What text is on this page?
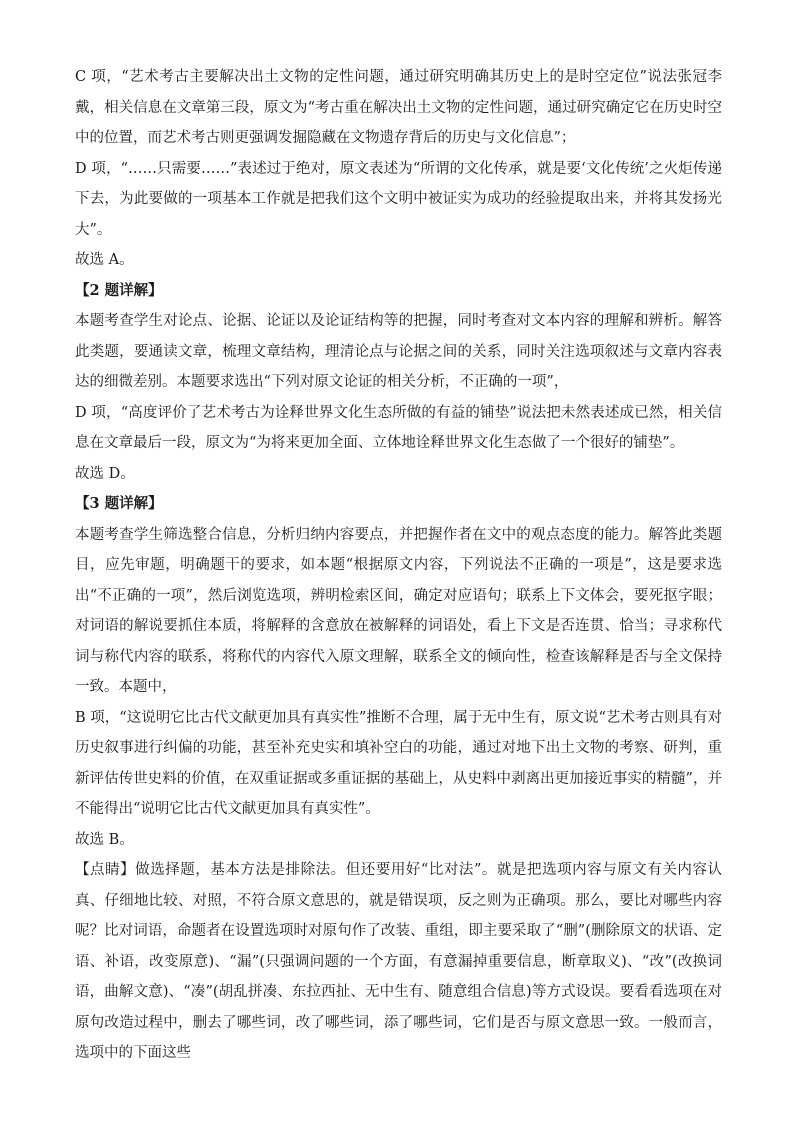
C 项，“艺术考古主要解决出土文物的定性问题，通过研究明确其历史上的是时空定位”说法张冠李戴，相关信息在文章第三段，原文为“考古重在解决出土文物的定性问题，通过研究确定它在历史时空中的位置，而艺术考古则更强调发掘隐藏在文物遗存背后的历史与文化信息”；

D 项，“……只需要……”表述过于绝对，原文表述为“所谓的文化传承，就是要‘文化传统’之火炬传递下去，为此要做的一项基本工作就是把我们这个文明中被证实为成功的经验提取出来，并将其发扬光大”。

故选 A。

【2 题详解】

本题考查学生对论点、论据、论证以及论证结构等的把握，同时考查对文本内容的理解和辨析。解答此类题，要通读文章，梳理文章结构，理清论点与论据之间的关系，同时关注选项叙述与文章内容表达的细微差别。本题要求选出“下列对原文论证的相关分析，不正确的一项”，

D 项，“高度评价了艺术考古为诠释世界文化生态所做的有益的铺垫”说法把未然表述成已然，相关信息在文章最后一段，原文为“为将来更加全面、立体地诠释世界文化生态做了一个很好的铺垫”。

故选 D。

【3 题详解】

本题考查学生筛选整合信息，分析归纳内容要点，并把握作者在文中的观点态度的能力。解答此类题目，应先审题，明确题干的要求，如本题“根据原文内容，下列说法不正确的一项是”，这是要求选出“不正确的一项”，然后浏览选项，辨明检索区间，确定对应语句；联系上下文体会，要死抠字眼；对词语的解说要抓住本质，将解释的含意放在被解释的词语处，看上下文是否连贯、恰当；寻求称代词与称代内容的联系，将称代的内容代入原文理解，联系全文的倾向性，检查该解释是否与全文保持一致。本题中，

B 项，“这说明它比古代文献更加具有真实性”推断不合理，属于无中生有，原文说“艺术考古则具有对历史叙事进行纠偏的功能，甚至补充史实和填补空白的功能，通过对地下出土文物的考察、研判，重新评估传世史料的价值，在双重证据或多重证据的基础上，从史料中剥离出更加接近事实的精髓”，并不能得出“说明它比古代文献更加具有真实性”。

故选 B。

【点睛】做选择题，基本方法是排除法。但还要用好“比对法”。就是把选项内容与原文有关内容认真、仔细地比较、对照，不符合原文意思的，就是错误项，反之则为正确项。那么，要比对哪些内容呢？比对词语，命题者在设置选项时对原句作了改装、重组，即主要采取了“删”(删除原文的状语、定语、补语，改变原意)、“漏”(只强调问题的一个方面，有意漏掉重要信息，断章取义)、“改”(改换词语，曲解文意)、“凑”(胡乱拼凑、东拉西扯、无中生有、随意组合信息)等方式设误。要看看选项在对原句改造过程中，删去了哪些词，改了哪些词，添了哪些词，它们是否与原文意思一致。一般而言，选项中的下面这些
